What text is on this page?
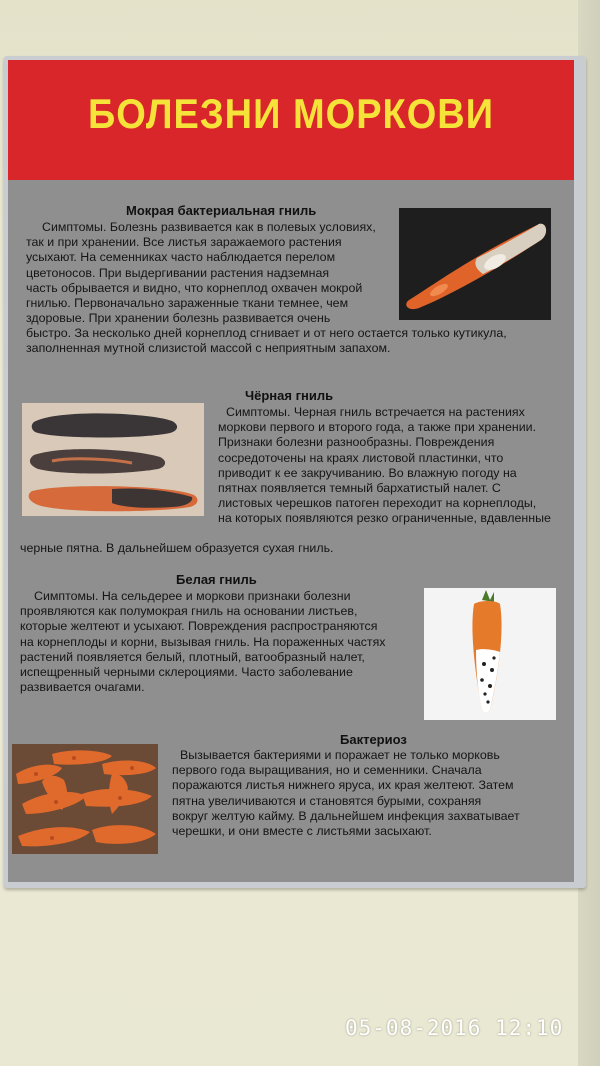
БОЛЕЗНИ МОРКОВИ
Мокрая бактериальная гниль
Симптомы. Болезнь развивается как в полевых условиях,
так и при хранении. Все листья заражаемого растения
усыхают. На семенниках часто наблюдается перелом
цветоносов. При выдергивании растения надземная
часть обрывается и видно, что корнеплод охвачен мокрой
гнилью. Первоначально зараженные ткани темнее, чем
здоровые. При хранении болезнь развивается очень
быстро. За несколько дней корнеплод сгнивает и от него остается только кутикула,
заполненная мутной слизистой массой с неприятным запахом.
Чёрная гниль
Симптомы. Черная гниль встречается на растениях
моркови первого и второго года, а также при хранении.
Признаки болезни разнообразны. Повреждения
сосредоточены на краях листовой пластинки, что
приводит к ее закручиванию. Во влажную погоду на
пятнах появляется темный бархатистый налет. С
листовых черешков патоген переходит на корнеплоды,
на которых появляются резко ограниченные, вдавленные
черные пятна. В дальнейшем образуется сухая гниль.
Белая гниль
Симптомы. На сельдерее и моркови признаки болезни
проявляются как полумокрая гниль на основании листьев,
которые желтеют и усыхают. Повреждения распространяются
на корнеплоды и корни, вызывая гниль. На пораженных частях
растений появляется белый, плотный, ватообразный налет,
испещренный черными склероциями. Часто заболевание
развивается очагами.
Бактериоз
Вызывается бактериями и поражает не только морковь
первого года выращивания, но и семенники. Сначала
поражаются листья нижнего яруса, их края желтеют. Затем
пятна увеличиваются и становятся бурыми, сохраняя
вокруг желтую кайму. В дальнейшем инфекция захватывает
черешки, и они вместе с листьями засыхают.
05-08-2016 12:10
